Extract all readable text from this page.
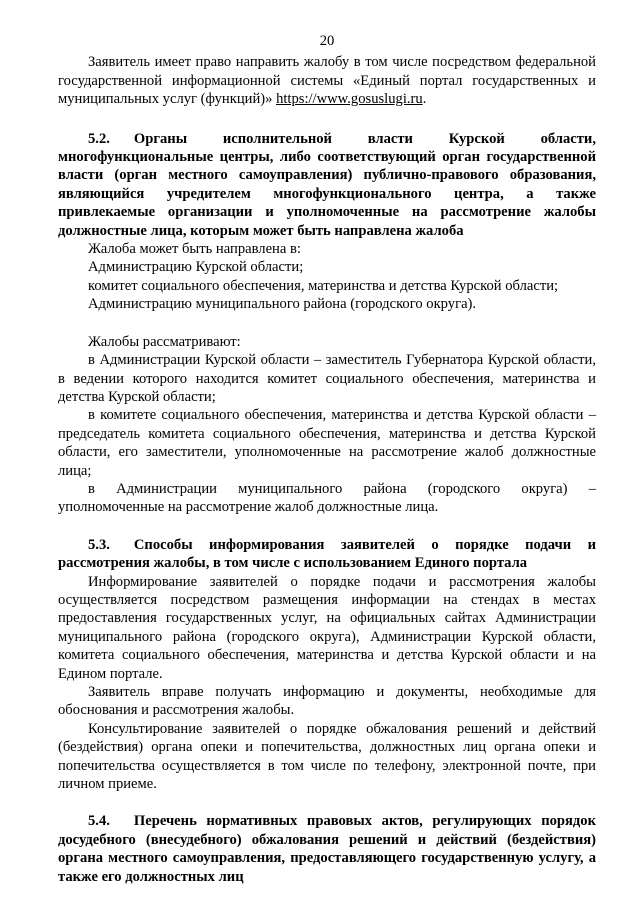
20

Заявитель имеет право направить жалобу в том числе посредством федеральной государственной информационной системы «Единый портал государственных и муниципальных услуг (функций)» https://www.gosuslugi.ru.

5.2. Органы исполнительной власти Курской области, многофункциональные центры, либо соответствующий орган государственной власти (орган местного самоуправления) публично-правового образования, являющийся учредителем многофункционального центра, а также привлекаемые организации и уполномоченные на рассмотрение жалобы должностные лица, которым может быть направлена жалоба

Жалоба может быть направлена в:

Администрацию Курской области;

комитет социального обеспечения, материнства и детства Курской области;

Администрацию муниципального района (городского округа).

Жалобы рассматривают:

в Администрации Курской области – заместитель Губернатора Курской области, в ведении которого находится комитет социального обеспечения, материнства и детства Курской области;

в комитете социального обеспечения, материнства и детства Курской области – председатель комитета социального обеспечения, материнства и детства Курской области, его заместители, уполномоченные на рассмотрение жалоб должностные лица;

в Администрации муниципального района (городского округа) – уполномоченные на рассмотрение жалоб должностные лица.

5.3. Способы информирования заявителей о порядке подачи и рассмотрения жалобы, в том числе с использованием Единого портала

Информирование заявителей о порядке подачи и рассмотрения жалобы осуществляется посредством размещения информации на стендах в местах предоставления государственных услуг, на официальных сайтах Администрации муниципального района (городского округа), Администрации Курской области, комитета социального обеспечения, материнства и детства Курской области и на Едином портале.

Заявитель вправе получать информацию и документы, необходимые для обоснования и рассмотрения жалобы.

Консультирование заявителей о порядке обжалования решений и действий (бездействия) органа опеки и попечительства, должностных лиц органа опеки и попечительства осуществляется в том числе по телефону, электронной почте, при личном приеме.

5.4. Перечень нормативных правовых актов, регулирующих порядок досудебного (внесудебного) обжалования решений и действий (бездействия) органа местного самоуправления, предоставляющего государственную услугу, а также его должностных лиц
